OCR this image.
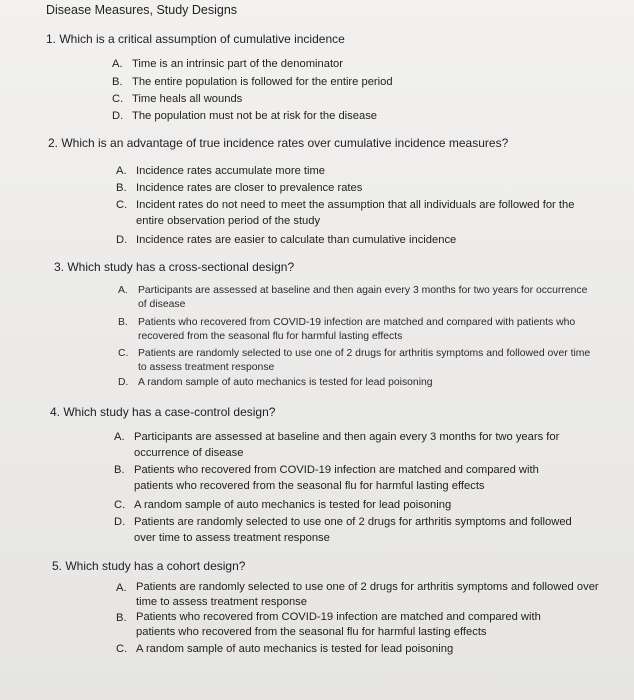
Disease Measures, Study Designs
1. Which is a critical assumption of cumulative incidence
A. Time is an intrinsic part of the denominator
B. The entire population is followed for the entire period
C. Time heals all wounds
D. The population must not be at risk for the disease
2. Which is an advantage of true incidence rates over cumulative incidence measures?
A. Incidence rates accumulate more time
B. Incidence rates are closer to prevalence rates
C. Incident rates do not need to meet the assumption that all individuals are followed for the entire observation period of the study
D. Incidence rates are easier to calculate than cumulative incidence
3. Which study has a cross-sectional design?
A. Participants are assessed at baseline and then again every 3 months for two years for occurrence of disease
B. Patients who recovered from COVID-19 infection are matched and compared with patients who recovered from the seasonal flu for harmful lasting effects
C. Patients are randomly selected to use one of 2 drugs for arthritis symptoms and followed over time to assess treatment response
D. A random sample of auto mechanics is tested for lead poisoning
4. Which study has a case-control design?
A. Participants are assessed at baseline and then again every 3 months for two years for occurrence of disease
B. Patients who recovered from COVID-19 infection are matched and compared with patients who recovered from the seasonal flu for harmful lasting effects
C. A random sample of auto mechanics is tested for lead poisoning
D. Patients are randomly selected to use one of 2 drugs for arthritis symptoms and followed over time to assess treatment response
5. Which study has a cohort design?
A. Patients are randomly selected to use one of 2 drugs for arthritis symptoms and followed over time to assess treatment response
B. Patients who recovered from COVID-19 infection are matched and compared with patients who recovered from the seasonal flu for harmful lasting effects
C. A random sample of auto mechanics is tested for lead poisoning
